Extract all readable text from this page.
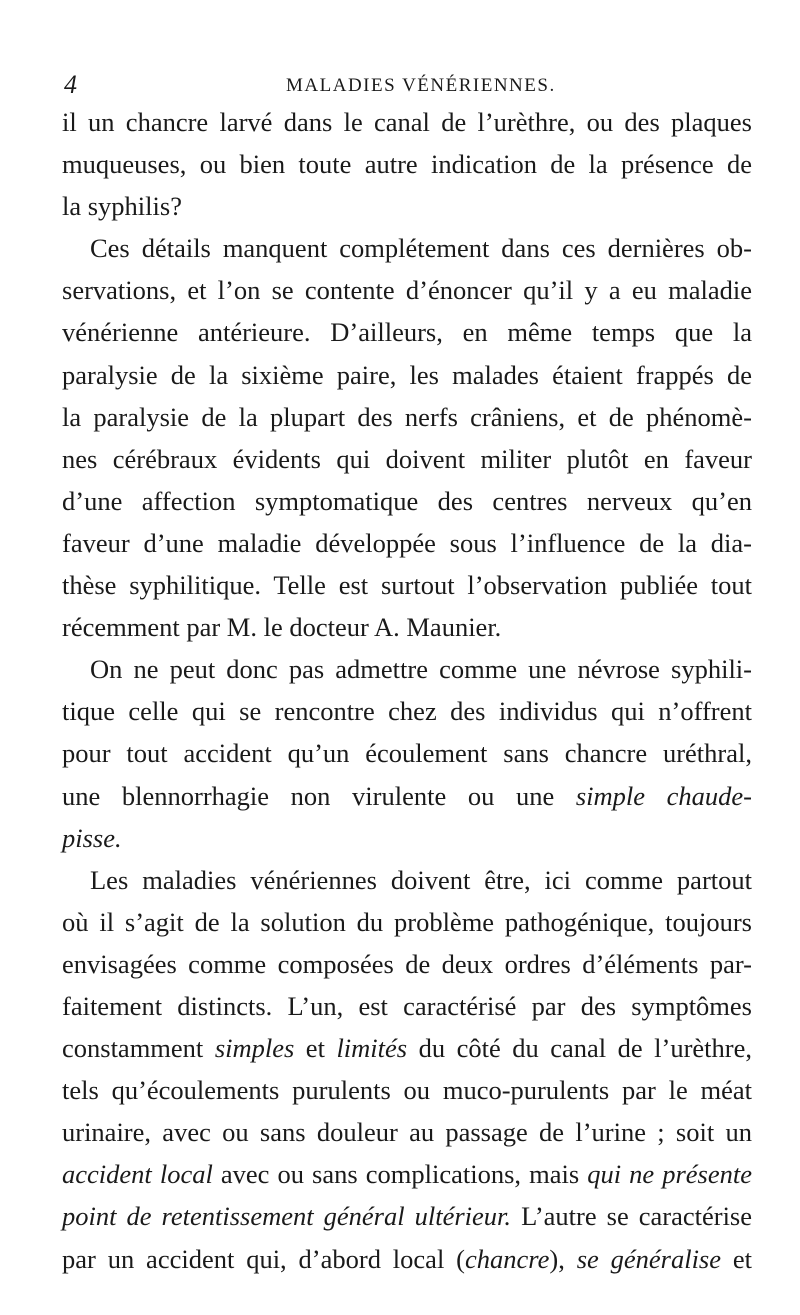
4	MALADIES VÉNÉRIENNES.
il un chancre larvé dans le canal de l’urèthre, ou des plaques
muqueuses, ou bien toute autre indication de la présence de
la syphilis?
Ces détails manquent complétement dans ces dernières ob-
servations, et l’on se contente d’énoncer qu’il y a eu maladie
vénérienne antérieure. D’ailleurs, en même temps que la
paralysie de la sixième paire, les malades étaient frappés de
la paralysie de la plupart des nerfs crâniens, et de phénomè-
nes cérébraux évidents qui doivent militer plutôt en faveur
d’une affection symptomatique des centres nerveux qu’en
faveur d’une maladie développée sous l’influence de la dia-
thèse syphilitique. Telle est surtout l’observation publiée tout
récemment par M. le docteur A. Maunier.
On ne peut donc pas admettre comme une névrose syphili-
tique celle qui se rencontre chez des individus qui n’offrent
pour tout accident qu’un écoulement sans chancre uréthral,
une blennorrhagie non virulente ou une simple chaude-
pisse.
Les maladies vénériennes doivent être, ici comme partout
où il s’agit de la solution du problème pathogénique, toujours
envisagées comme composées de deux ordres d’éléments par-
faitement distincts. L’un, est caractérisé par des symptômes
constamment simples et limités du côté du canal de l’urèthre,
tels qu’écoulements purulents ou muco-purulents par le méat
urinaire, avec ou sans douleur au passage de l’urine ; soit un
accident local avec ou sans complications, mais qui ne présente
point de retentissement général ultérieur. L’autre se caractérise
par un accident qui, d’abord local (chancre), se généralise et
